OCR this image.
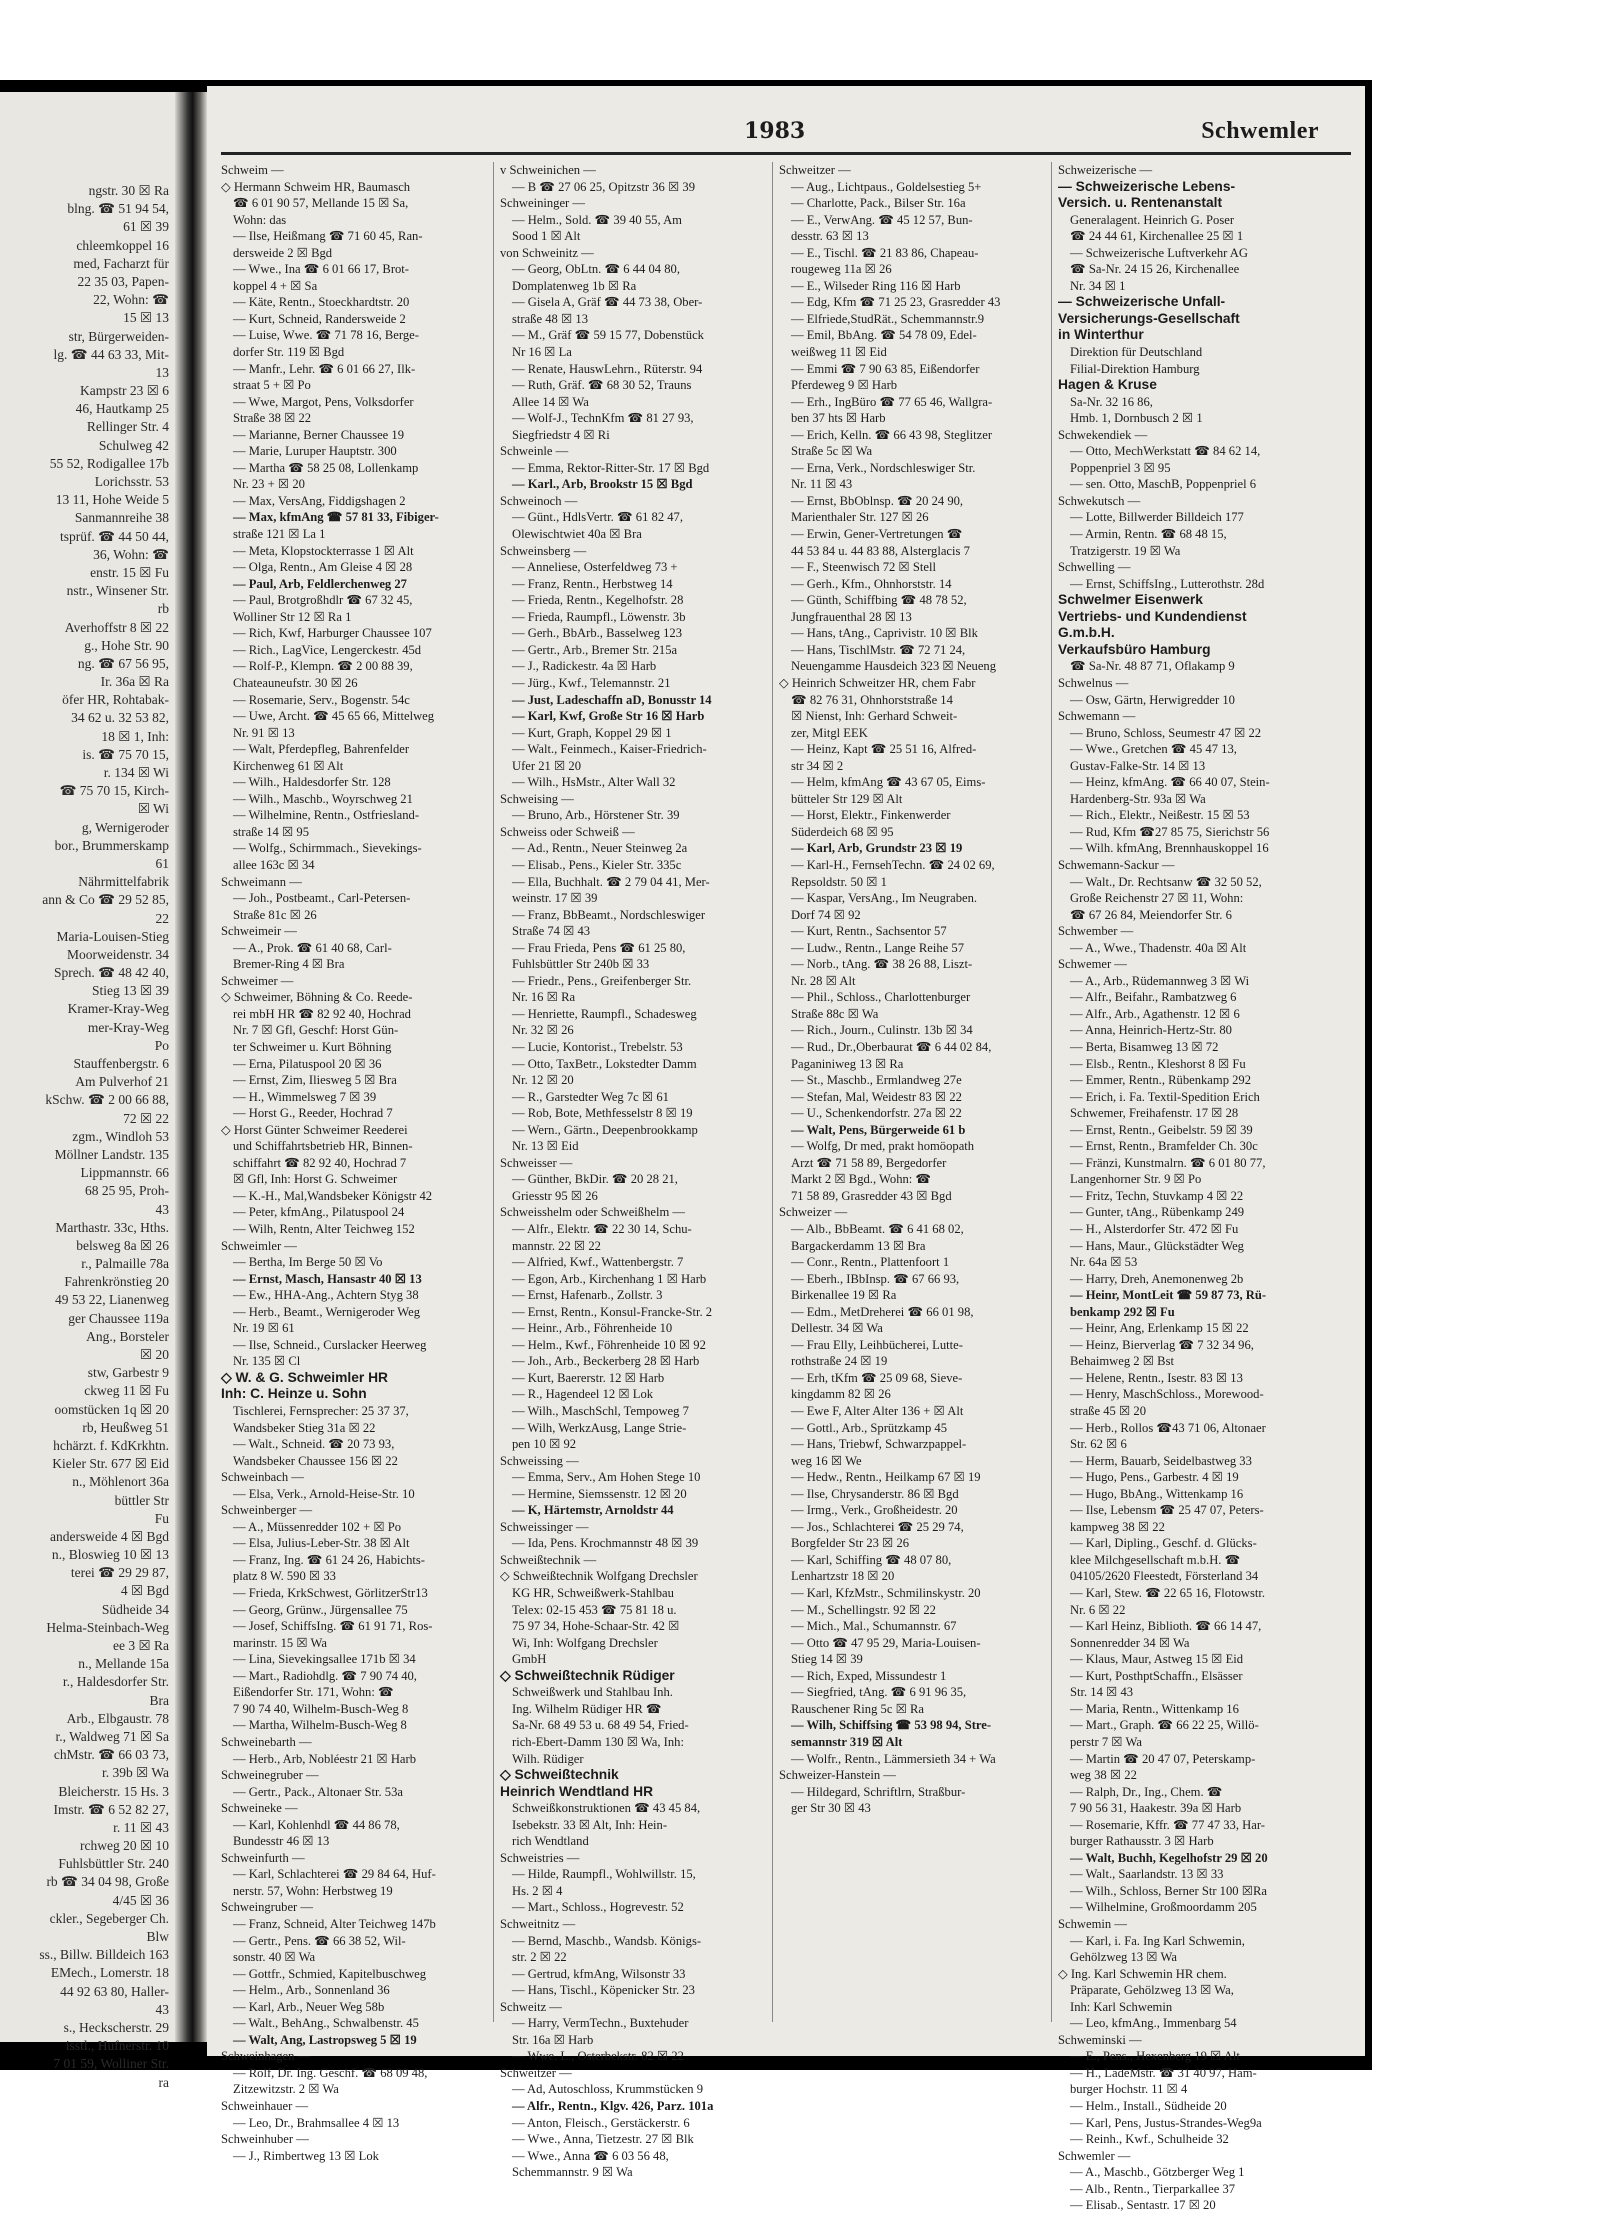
ngstr. 30 ☒ Ra
blng. ☎ 51 94 54,
61 ☒ 39
chleemkoppel 16
med, Facharzt für
22 35 03, Papen-
22, Wohn: ☎
15 ☒ 13
str, Bürgerweiden-
lg. ☎ 44 63 33, Mit-
13
Kampstr 23 ☒ 6
46, Hautkamp 25
Rellinger Str. 4
Schulweg 42
55 52, Rodigallee 17b
Lorichsstr. 53
13 11, Hohe Weide 5
Sanmannreihe 38
tsprüf. ☎ 44 50 44,
36, Wohn: ☎
enstr. 15 ☒ Fu
nstr., Winsener Str.
rb
Averhoffstr 8 ☒ 22
g., Hohe Str. 90
ng. ☎ 67 56 95,
Ir. 36a ☒ Ra
öfer HR, Rohtabak-
34 62 u. 32 53 82,
18 ☒ 1, Inh:
is. ☎ 75 70 15,
r. 134 ☒ Wi
☎ 75 70 15, Kirch-
☒ Wi
g, Wernigeroder
bor., Brummerskamp
61
Nährmittelfabrik
ann & Co ☎ 29 52 85,
22
Maria-Louisen-Stieg
Moorweidenstr. 34
Sprech. ☎ 48 42 40,
Stieg 13 ☒ 39
Kramer-Kray-Weg
mer-Kray-Weg
Po
Stauffenbergstr. 6
Am Pulverhof 21
kSchw. ☎ 2 00 66 88,
72 ☒ 22
zgm., Windloh 53
Möllner Landstr. 135
Lippmannstr. 66
68 25 95, Proh-
43
Marthastr. 33c, Hths.
belsweg 8a ☒ 26
r., Palmaille 78a
Fahrenkrönstieg 20
49 53 22, Lianenweg
ger Chaussee 119a
Ang., Borsteler
☒ 20
stw, Garbestr 9
ckweg 11 ☒ Fu
oomstücken 1q ☒ 20
rb, Heußweg 51
hchärzt. f. KdKrkhtn.
Kieler Str. 677 ☒ Eid
n., Möhlenort 36a
büttler Str
Fu
andersweide 4 ☒ Bgd
n., Bloswieg 10 ☒ 13
terei ☎ 29 29 87,
4 ☒ Bgd
Südheide 34
Helma-Steinbach-Weg
ee 3 ☒ Ra
n., Mellande 15a
r., Haldesdorfer Str.
Bra
Arb., Elbgaustr. 78
r., Waldweg 71 ☒ Sa
chMstr. ☎ 66 03 73,
r. 39b ☒ Wa
Bleicherstr. 15 Hs. 3
Imstr. ☎ 6 52 82 27,
r. 11 ☒ 43
rchweg 20 ☒ 10
Fuhlsbüttler Str. 240
rb ☎ 34 04 98, Große
4/45 ☒ 36
ckler., Segeberger Ch.
Blw
ss., Billw. Billdeich 163
EMech., Lomerstr. 18
44 92 63 80, Haller-
43
s., Heckscherstr. 29
isstl., Hufnerstr. 10
7 01 59, Wolliner Str.
ra
1983	Schwemler
Schweim —
◇ Hermann Schweim HR, Baumasch
☎ 6 01 90 57, Mellande 15 ☒ Sa,
Wohn: das
— Ilse, Heißmang ☎ 71 60 45, Ran-
dersweide 2 ☒ Bgd
— Wwe., Ina ☎ 6 01 66 17, Brot-
koppel 4 + ☒ Sa
— Käte, Rentn., Stoeckhardtstr. 20
— Kurt, Schneid, Randersweide 2
— Luise, Wwe. ☎ 71 78 16, Berge-
dorfer Str. 119 ☒ Bgd
— Manfr., Lehr. ☎ 6 01 66 27, Ilk-
straat 5 + ☒ Po
— Wwe, Margot, Pens, Volksdorfer
Straße 38 ☒ 22
— Marianne, Berner Chaussee 19
— Marie, Luruper Hauptstr. 300
— Martha ☎ 58 25 08, Lollenkamp
Nr. 23 + ☒ 20
— Max, VersAng, Fiddigshagen 2
— Max, kfmAng ☎ 57 81 33, Fibiger-
straße 121 ☒ La 1
— Meta, Klopstockterrasse 1 ☒ Alt
— Olga, Rentn., Am Gleise 4 ☒ 28
— Paul, Arb, Feldlerchenweg 27
— Paul, Brotgroßhdlr ☎ 67 32 45,
Wolliner Str 12 ☒ Ra 1
— Rich, Kwf, Harburger Chaussee 107
— Rich., LagVice, Lengerckestr. 45d
— Rolf-P., Klempn. ☎ 2 00 88 39,
Chateauneufstr. 30 ☒ 26
— Rosemarie, Serv., Bogenstr. 54c
— Uwe, Archt. ☎ 45 65 66, Mittelweg
Nr. 91 ☒ 13
— Walt, Pferdepfleg, Bahrenfelder
Kirchenweg 61 ☒ Alt
— Wilh., Haldesdorfer Str. 128
— Wilh., Maschb., Woyrschweg 21
— Wilhelmine, Rentn., Ostfriesland-
straße 14 ☒ 95
— Wolfg., Schirmmach., Sievekings-
allee 163c ☒ 34
Schweimann —
— Joh., Postbeamt., Carl-Petersen-
Straße 81c ☒ 26
Schweimeir —
— A., Prok. ☎ 61 40 68, Carl-
Bremer-Ring 4 ☒ Bra
Schweimer —
◇ Schweimer, Böhning & Co. Reede-
rei mbH HR ☎ 82 92 40, Hochrad
Nr. 7 ☒ Gfl, Geschf: Horst Gün-
ter Schweimer u. Kurt Böhning
— Erna, Pilatuspool 20 ☒ 36
— Ernst, Zim, Iliesweg 5 ☒ Bra
— H., Wimmelsweg 7 ☒ 39
— Horst G., Reeder, Hochrad 7
◇ Horst Günter Schweimer Reederei
und Schiffahrtsbetrieb HR, Binnen-
schiffahrt ☎ 82 92 40, Hochrad 7
☒ Gfl, Inh: Horst G. Schweimer
— K.-H., Mal,Wandsbeker Königstr 42
— Peter, kfmAng., Pilatuspool 24
— Wilh, Rentn, Alter Teichweg 152
Schweimler —
— Bertha, Im Berge 50 ☒ Vo
— Ernst, Masch, Hansastr 40 ☒ 13
— Ew., HHA-Ang., Achtern Styg 38
— Herb., Beamt., Wernigeroder Weg
Nr. 19 ☒ 61
— Ilse, Schneid., Curslacker Heerweg
Nr. 135 ☒ Cl
◇ W. & G. Schweimler HR
Inh: C. Heinze u. Sohn
Tischlerei, Fernsprecher: 25 37 37,
Wandsbeker Stieg 31a ☒ 22
— Walt., Schneid. ☎ 20 73 93,
Wandsbeker Chaussee 156 ☒ 22
Schweinbach —
— Elsa, Verk., Arnold-Heise-Str. 10
Schweinberger —
— A., Müssenredder 102 + ☒ Po
— Elsa, Julius-Leber-Str. 38 ☒ Alt
— Franz, Ing. ☎ 61 24 26, Habichts-
platz 8 W. 590 ☒ 33
— Frieda, KrkSchwest, GörlitzerStr13
— Georg, Grünw., Jürgensallee 75
— Josef, SchiffsIng. ☎ 61 91 71, Ros-
marinstr. 15 ☒ Wa
— Lina, Sievekingsallee 171b ☒ 34
— Mart., Radiohdlg. ☎ 7 90 74 40,
Eißendorfer Str. 171, Wohn: ☎
7 90 74 40, Wilhelm-Busch-Weg 8
— Martha, Wilhelm-Busch-Weg 8
Schweinebarth —
— Herb., Arb, Nobléestr 21 ☒ Harb
Schweinegruber —
— Gertr., Pack., Altonaer Str. 53a
Schweineke —
— Karl, Kohlenhdl ☎ 44 86 78,
Bundesstr 46 ☒ 13
Schweinfurth —
— Karl, Schlachterei ☎ 29 84 64, Huf-
nerstr. 57, Wohn: Herbstweg 19
Schweingruber —
— Franz, Schneid, Alter Teichweg 147b
— Gertr., Pens. ☎ 66 38 52, Wil-
sonstr. 40 ☒ Wa
— Gottfr., Schmied, Kapitelbuschweg
— Helm., Arb., Sonnenland 36
— Karl, Arb., Neuer Weg 58b
— Walt., BehAng., Schwalbenstr. 45
— Walt, Ang, Lastropsweg 5 ☒ 19
Schweinhagen —
— Rolf, Dr. Ing. Geschf. ☎ 68 09 48,
Zitzewitzstr. 2 ☒ Wa
Schweinhauer —
— Leo, Dr., Brahmsallee 4 ☒ 13
Schweinhuber —
— J., Rimbertweg 13 ☒ Lok
v Schweinichen —
— B ☎ 27 06 25, Opitzstr 36 ☒ 39
Schweininger —
— Helm., Sold. ☎ 39 40 55, Am
Sood 1 ☒ Alt
von Schweinitz —
— Georg, ObLtn. ☎ 6 44 04 80,
Domplatenweg 1b ☒ Ra
— Gisela A, Gräf ☎ 44 73 38, Ober-
straße 48 ☒ 13
— M., Gräf ☎ 59 15 77, Dobenstück
Nr 16 ☒ La
— Renate, HauswLehrn., Rüterstr. 94
— Ruth, Gräf. ☎ 68 30 52, Trauns
Allee 14 ☒ Wa
— Wolf-J., TechnKfm ☎ 81 27 93,
Siegfriedstr 4 ☒ Ri
Schweinle —
— Emma, Rektor-Ritter-Str. 17 ☒ Bgd
— Karl., Arb, Brookstr 15 ☒ Bgd
Schweinoch —
— Günt., HdlsVertr. ☎ 61 82 47,
Olewischtwiet 40a ☒ Bra
Schweinsberg —
— Anneliese, Osterfeldweg 73 +
— Franz, Rentn., Herbstweg 14
— Frieda, Rentn., Kegelhofstr. 28
— Frieda, Raumpfl., Löwenstr. 3b
— Gerh., BbArb., Basselweg 123
— Gertr., Arb., Bremer Str. 215a
— J., Radickestr. 4a ☒ Harb
— Jürg., Kwf., Telemannstr. 21
— Just, Ladeschaffn aD, Bonusstr 14
— Karl, Kwf, Große Str 16 ☒ Harb
— Kurt, Graph, Koppel 29 ☒ 1
— Walt., Feinmech., Kaiser-Friedrich-
Ufer 21 ☒ 20
— Wilh., HsMstr., Alter Wall 32
Schweising —
— Bruno, Arb., Hörstener Str. 39
Schweiss oder Schweiß —
— Ad., Rentn., Neuer Steinweg 2a
— Elisab., Pens., Kieler Str. 335c
— Ella, Buchhalt. ☎ 2 79 04 41, Mer-
weinstr. 17 ☒ 39
— Franz, BbBeamt., Nordschleswiger
Straße 74 ☒ 43
— Frau Frieda, Pens ☎ 61 25 80,
Fuhlsbüttler Str 240b ☒ 33
— Friedr., Pens., Greifenberger Str.
Nr. 16 ☒ Ra
— Henriette, Raumpfl., Schadesweg
Nr. 32 ☒ 26
— Lucie, Kontorist., Trebelstr. 53
— Otto, TaxBetr., Lokstedter Damm
Nr. 12 ☒ 20
— R., Garstedter Weg 7c ☒ 61
— Rob, Bote, Methfesselstr 8 ☒ 19
— Wern., Gärtn., Deepenbrookkamp
Nr. 13 ☒ Eid
Schweisser —
— Günther, BkDir. ☎ 20 28 21,
Griesstr 95 ☒ 26
Schweisshelm oder Schweißhelm —
— Alfr., Elektr. ☎ 22 30 14, Schu-
mannstr. 22 ☒ 22
— Alfried, Kwf., Wattenbergstr. 7
— Egon, Arb., Kirchenhang 1 ☒ Harb
— Ernst, Hafenarb., Zollstr. 3
— Ernst, Rentn., Konsul-Francke-Str. 2
— Heinr., Arb., Föhrenheide 10
— Helm., Kwf., Föhrenheide 10 ☒ 92
— Joh., Arb., Beckerberg 28 ☒ Harb
— Kurt, Baererstr. 12 ☒ Harb
— R., Hagendeel 12 ☒ Lok
— Wilh., MaschSchl, Tempoweg 7
— Wilh, WerkzAusg, Lange Strie-
pen 10 ☒ 92
Schweissing —
— Emma, Serv., Am Hohen Stege 10
— Hermine, Siemssenstr. 12 ☒ 20
— K, Härtemstr, Arnoldstr 44
Schweissinger —
— Ida, Pens. Krochmannstr 48 ☒ 39
Schweißtechnik —
◇ Schweißtechnik Wolfgang Drechsler
KG HR, Schweißwerk-Stahlbau
Telex: 02-15 453 ☎ 75 81 18 u.
75 97 34, Hohe-Schaar-Str. 42 ☒
Wi, Inh: Wolfgang Drechsler
GmbH
◇ Schweißtechnik Rüdiger
Schweißwerk und Stahlbau Inh.
Ing. Wilhelm Rüdiger HR ☎
Sa-Nr. 68 49 53 u. 68 49 54, Fried-
rich-Ebert-Damm 130 ☒ Wa, Inh:
Wilh. Rüdiger
◇ Schweißtechnik
Heinrich Wendtland HR
Schweißkonstruktionen ☎ 43 45 84,
Isebekstr. 33 ☒ Alt, Inh: Hein-
rich Wendtland
Schweistries —
— Hilde, Raumpfl., Wohlwillstr. 15,
Hs. 2 ☒ 4
— Mart., Schloss., Hogrevestr. 52
Schweitnitz —
— Bernd, Maschb., Wandsb. Königs-
str. 2 ☒ 22
— Gertrud, kfmAng, Wilsonstr 33
— Hans, Tischl., Köpenicker Str. 23
Schweitz —
— Harry, VermTechn., Buxtehuder
Str. 16a ☒ Harb
— Wwe. L., Osterbekstr. 82 ☒ 22
Schweitzer —
— Ad, Autoschloss, Krummstücken 9
— Alfr., Rentn., Klgv. 426, Parz. 101a
— Anton, Fleisch., Gerstäckerstr. 6
— Wwe., Anna, Tietzestr. 27 ☒ Blk
— Wwe., Anna ☎ 6 03 56 48,
Schemmannstr. 9 ☒ Wa
Schweitzer —
— Aug., Lichtpaus., Goldelsestieg 5+
— Charlotte, Pack., Bilser Str. 16a
— E., VerwAng. ☎ 45 12 57, Bun-
desstr. 63 ☒ 13
— E., Tischl. ☎ 21 83 86, Chapeau-
rougeweg 11a ☒ 26
— E., Wilseder Ring 116 ☒ Harb
— Edg, Kfm ☎ 71 25 23, Grasredder 43
— Elfriede,StudRät., Schemmannstr.9
— Emil, BbAng. ☎ 54 78 09, Edel-
weißweg 11 ☒ Eid
— Emmi ☎ 7 90 63 85, Eißendorfer
Pferdeweg 9 ☒ Harb
— Erh., IngBüro ☎ 77 65 46, Wallgra-
ben 37 hts ☒ Harb
— Erich, Kelln. ☎ 66 43 98, Steglitzer
Straße 5c ☒ Wa
— Erna, Verk., Nordschleswiger Str.
Nr. 11 ☒ 43
— Ernst, BbOblnsp. ☎ 20 24 90,
Marienthaler Str. 127 ☒ 26
— Erwin, Gener-Vertretungen ☎
44 53 84 u. 44 83 88, Alsterglacis 7
— F., Steenwisch 72 ☒ Stell
— Gerh., Kfm., Ohnhorststr. 14
— Günth, Schiffbing ☎ 48 78 52,
Jungfrauenthal 28 ☒ 13
— Hans, tAng., Caprivistr. 10 ☒ Blk
— Hans, TischlMstr. ☎ 72 71 24,
Neuengamme Hausdeich 323 ☒ Neueng
◇ Heinrich Schweitzer HR, chem Fabr
☎ 82 76 31, Ohnhorststraße 14
☒ Nienst, Inh: Gerhard Schweit-
zer, Mitgl EEK
— Heinz, Kapt ☎ 25 51 16, Alfred-
str 34 ☒ 2
— Helm, kfmAng ☎ 43 67 05, Eims-
bütteler Str 129 ☒ Alt
— Horst, Elektr., Finkenwerder
Süderdeich 68 ☒ 95
— Karl, Arb, Grundstr 23 ☒ 19
— Karl-H., FernsehTechn. ☎ 24 02 69,
Repsoldstr. 50 ☒ 1
— Kaspar, VersAng., Im Neugraben.
Dorf 74 ☒ 92
— Kurt, Rentn., Sachsentor 57
— Ludw., Rentn., Lange Reihe 57
— Norb., tAng. ☎ 38 26 88, Liszt-
Nr. 28 ☒ Alt
— Phil., Schloss., Charlottenburger
Straße 88c ☒ Wa
— Rich., Journ., Culinstr. 13b ☒ 34
— Rud., Dr.,Oberbaurat ☎ 6 44 02 84,
Paganiniweg 13 ☒ Ra
— St., Maschb., Ermlandweg 27e
— Stefan, Mal, Weidestr 83 ☒ 22
— U., Schenkendorfstr. 27a ☒ 22
— Walt, Pens, Bürgerweide 61 b
— Wolfg, Dr med, prakt homöopath
Arzt ☎ 71 58 89, Bergedorfer
Markt 2 ☒ Bgd., Wohn: ☎
71 58 89, Grasredder 43 ☒ Bgd
Schweizer —
— Alb., BbBeamt. ☎ 6 41 68 02,
Bargackerdamm 13 ☒ Bra
— Conr., Rentn., Plattenfoort 1
— Eberh., IBbInsp. ☎ 67 66 93,
Birkenallee 19 ☒ Ra
— Edm., MetDreherei ☎ 66 01 98,
Dellestr. 34 ☒ Wa
— Frau Elly, Leihbücherei, Lutte-
rothstraße 24 ☒ 19
— Erh, tKfm ☎ 25 09 68, Sieve-
kingdamm 82 ☒ 26
— Ewe F, Alter Alter 136 + ☒ Alt
— Gottl., Arb., Sprützkamp 45
— Hans, Triebwf, Schwarzpappel-
weg 16 ☒ We
— Hedw., Rentn., Heilkamp 67 ☒ 19
— Ilse, Chrysanderstr. 86 ☒ Bgd
— Irmg., Verk., Großheidestr. 20
— Jos., Schlachterei ☎ 25 29 74,
Borgfelder Str 23 ☒ 26
— Karl, Schiffing ☎ 48 07 80,
Lenhartzstr 18 ☒ 20
— Karl, KfzMstr., Schmilinskystr. 20
— M., Schellingstr. 92 ☒ 22
— Mich., Mal., Schumannstr. 67
— Otto ☎ 47 95 29, Maria-Louisen-
Stieg 14 ☒ 39
— Rich, Exped, Missundestr 1
— Siegfried, tAng. ☎ 6 91 96 35,
Rauschener Ring 5c ☒ Ra
— Wilh, Schiffsing ☎ 53 98 94, Stre-
semannstr 319 ☒ Alt
— Wolfr., Rentn., Lämmersieth 34 + Wa
Schweizer-Hanstein —
— Hildegard, Schriftlrn, Straßbur-
ger Str 30 ☒ 43
Schweizerische —
— Schweizerische Lebens-
Versich. u. Rentenanstalt
Generalagent. Heinrich G. Poser
☎ 24 44 61, Kirchenallee 25 ☒ 1
— Schweizerische Luftverkehr AG
☎ Sa-Nr. 24 15 26, Kirchenallee
Nr. 34 ☒ 1
— Schweizerische Unfall-
Versicherungs-Gesellschaft
in Winterthur
Direktion für Deutschland
Filial-Direktion Hamburg
Hagen & Kruse
Sa-Nr. 32 16 86,
Hmb. 1, Dornbusch 2 ☒ 1
Schwekendiek —
— Otto, MechWerkstatt ☎ 84 62 14,
Poppenpriel 3 ☒ 95
— sen. Otto, MaschB, Poppenpriel 6
Schwekutsch —
— Lotte, Billwerder Billdeich 177
— Armin, Rentn. ☎ 68 48 15,
Tratzigerstr. 19 ☒ Wa
Schwelling —
— Ernst, SchiffsIng., Lutterothstr. 28d
Schwelmer Eisenwerk
Vertriebs- und Kundendienst
G.m.b.H.
Verkaufsbüro Hamburg
☎ Sa-Nr. 48 87 71, Oflakamp 9
Schwelnus —
— Osw, Gärtn, Herwigredder 10
Schwemann —
— Bruno, Schloss, Seumestr 47 ☒ 22
— Wwe., Gretchen ☎ 45 47 13,
Gustav-Falke-Str. 14 ☒ 13
— Heinz, kfmAng. ☎ 66 40 07, Stein-
Hardenberg-Str. 93a ☒ Wa
— Rich., Elektr., Neißestr. 15 ☒ 53
— Rud, Kfm ☎27 85 75, Sierichstr 56
— Wilh. kfmAng, Brennhauskoppel 16
Schwemann-Sackur —
— Walt., Dr. Rechtsanw ☎ 32 50 52,
Große Reichenstr 27 ☒ 11, Wohn:
☎ 67 26 84, Meiendorfer Str. 6
Schwember —
— A., Wwe., Thadenstr. 40a ☒ Alt
Schwemer —
— A., Arb., Rüdemannweg 3 ☒ Wi
— Alfr., Beifahr., Rambatzweg 6
— Alfr., Arb., Agathenstr. 12 ☒ 6
— Anna, Heinrich-Hertz-Str. 80
— Berta, Bisamweg 13 ☒ 72
— Elsb., Rentn., Kleshorst 8 ☒ Fu
— Emmer, Rentn., Rübenkamp 292
— Erich, i. Fa. Textil-Spedition Erich
Schwemer, Freihafenstr. 17 ☒ 28
— Ernst, Rentn., Geibelstr. 59 ☒ 39
— Ernst, Rentn., Bramfelder Ch. 30c
— Fränzi, Kunstmalrn. ☎ 6 01 80 77,
Langenhorner Str. 9 ☒ Po
— Fritz, Techn, Stuvkamp 4 ☒ 22
— Gunter, tAng., Rübenkamp 249
— H., Alsterdorfer Str. 472 ☒ Fu
— Hans, Maur., Glückstädter Weg
Nr. 64a ☒ 53
— Harry, Dreh, Anemonenweg 2b
— Heinr, MontLeit ☎ 59 87 73, Rü-
benkamp 292 ☒ Fu
— Heinr, Ang, Erlenkamp 15 ☒ 22
— Heinz, Bierverlag ☎ 7 32 34 96,
Behaimweg 2 ☒ Bst
— Helene, Rentn., Isestr. 83 ☒ 13
— Henry, MaschSchloss., Morewood-
straße 45 ☒ 20
— Herb., Rollos ☎43 71 06, Altonaer
Str. 62 ☒ 6
— Herm, Bauarb, Seidelbastweg 33
— Hugo, Pens., Garbestr. 4 ☒ 19
— Hugo, BbAng., Wittenkamp 16
— Ilse, Lebensm ☎ 25 47 07, Peters-
kampweg 38 ☒ 22
— Karl, Dipling., Geschf. d. Glücks-
klee Milchgesellschaft m.b.H. ☎
04105/2620 Fleestedt, Försterland 34
— Karl, Stew. ☎ 22 65 16, Flotowstr.
Nr. 6 ☒ 22
— Karl Heinz, Biblioth. ☎ 66 14 47,
Sonnenredder 34 ☒ Wa
— Klaus, Maur, Astweg 15 ☒ Eid
— Kurt, PosthptSchaffn., Elsässer
Str. 14 ☒ 43
— Maria, Rentn., Wittenkamp 16
— Mart., Graph. ☎ 66 22 25, Willö-
perstr 7 ☒ Wa
— Martin ☎ 20 47 07, Peterskamp-
weg 38 ☒ 22
— Ralph, Dr., Ing., Chem. ☎
7 90 56 31, Haakestr. 39a ☒ Harb
— Rosemarie, Kffr. ☎ 77 47 33, Har-
burger Rathausstr. 3 ☒ Harb
— Walt, Buchh, Kegelhofstr 29 ☒ 20
— Walt., Saarlandstr. 13 ☒ 33
— Wilh., Schloss, Berner Str 100 ☒Ra
— Wilhelmine, Großmoordamm 205
Schwemin —
— Karl, i. Fa. Ing Karl Schwemin,
Gehölzweg 13 ☒ Wa
◇ Ing. Karl Schwemin HR chem.
Präparate, Gehölzweg 13 ☒ Wa,
Inh: Karl Schwemin
— Leo, kfmAng., Immenbarg 54
Schweminski —
— E., Pens., Hexenberg 19 ☒ Alt
— H., LadeMstr. ☎ 31 40 97, Ham-
burger Hochstr. 11 ☒ 4
— Helm., Install., Südheide 20
— Karl, Pens, Justus-Strandes-Weg9a
— Reinh., Kwf., Schulheide 32
Schwemler —
— A., Maschb., Götzberger Weg 1
— Alb., Rentn., Tierparkallee 37
— Elisab., Sentastr. 17 ☒ 20
